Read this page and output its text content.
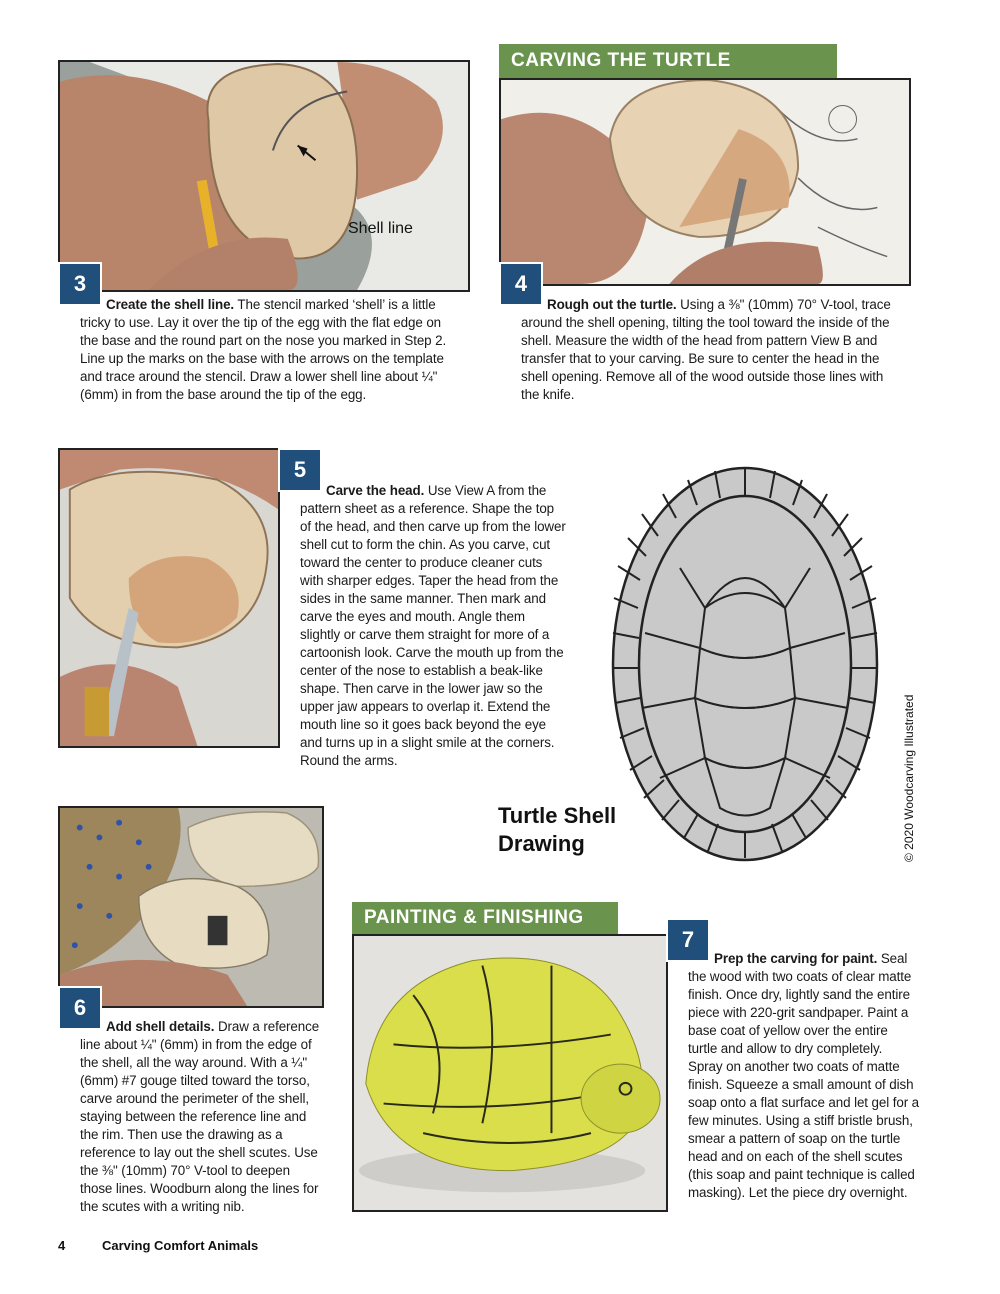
Shell line
3
Create the shell line. The stencil marked ‘shell’ is a little tricky to use. Lay it over the tip of the egg with the flat edge on the base and the round part on the nose you marked in Step 2. Line up the marks on the base with the arrows on the template and trace around the stencil. Draw a lower shell line about ¼" (6mm) in from the base around the tip of the egg.
CARVING THE TURTLE
4
Rough out the turtle. Using a ⅜" (10mm) 70° V-tool, trace around the shell opening, tilting the tool toward the inside of the shell. Measure the width of the head from pattern View B and transfer that to your carving. Be sure to center the head in the shell opening. Remove all of the wood outside those lines with the knife.
5
Carve the head. Use View A from the pattern sheet as a reference. Shape the top of the head, and then carve up from the lower shell cut to form the chin. As you carve, cut toward the center to produce cleaner cuts with sharper edges. Taper the head from the sides in the same manner. Then mark and carve the eyes and mouth. Angle them slightly or carve them straight for more of a cartoonish look. Carve the mouth up from the center of the nose to establish a beak-like shape. Then carve in the lower jaw so the upper jaw appears to overlap it. Extend the mouth line so it goes back beyond the eye and turns up in a slight smile at the corners. Round the arms.
Turtle Shell
Drawing	© 2020 Woodcarving Illustrated
6
Add shell details. Draw a reference line about ¼" (6mm) in from the edge of the shell, all the way around. With a ¼" (6mm) #7 gouge tilted toward the torso, carve around the perimeter of the shell, staying between the reference line and the rim. Then use the drawing as a reference to lay out the shell scutes. Use the ⅜" (10mm) 70° V-tool to deepen those lines. Woodburn along the lines for the scutes with a writing nib.
PAINTING & FINISHING
7
Prep the carving for paint. Seal the wood with two coats of clear matte finish. Once dry, lightly sand the entire piece with 220-grit sandpaper. Paint a base coat of yellow over the entire turtle and allow to dry completely. Spray on another two coats of matte finish. Squeeze a small amount of dish soap onto a flat surface and let gel for a few minutes. Using a stiff bristle brush, smear a pattern of soap on the turtle head and on each of the shell scutes (this soap and paint technique is called masking). Let the piece dry overnight.
4	Carving Comfort Animals
